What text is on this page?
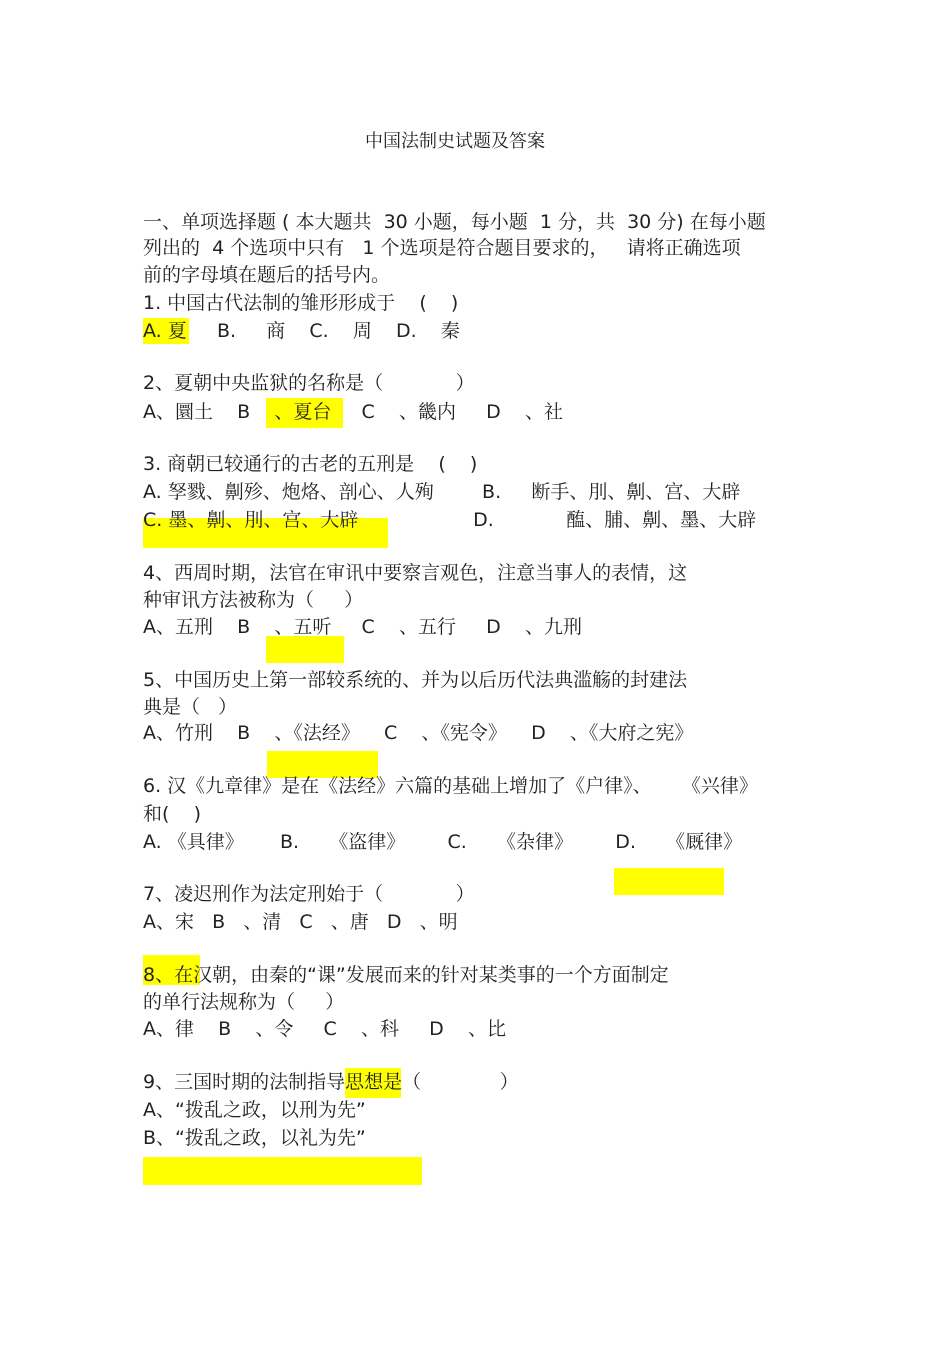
中国法制史试题及答案
一、单项选择题 ( 本大题共  30 小题，每小题  1 分，共  30 分) 在每小题
列出的  4 个选项中只有   1 个选项是符合题目要求的，   请将正确选项
前的字母填在题后的括号内。
1. 中国古代法制的雏形形成于    (    )
A. 夏     B.     商    C.    周    D.    秦
2、夏朝中央监狱的名称是（            ）
A、圜土    B    、夏台     C    、畿内     D    、社
3. 商朝已较通行的古老的五刑是    (    )
A. 孥戮、劓殄、炮烙、剖心、人殉        B.     断手、刖、劓、宫、大辟
C. 墨、劓、刖、宫、大辟                   D.            醢、脯、劓、墨、大辟
4、西周时期，法官在审讯中要察言观色，注意当事人的表情，这
种审讯方法被称为（     ）
A、五刑    B    、五听     C    、五行     D    、九刑
5、中国历史上第一部较系统的、并为以后历代法典滥觞的封建法
典是（   ）
A、竹刑    B    、《法经》    C    、《宪令》    D    、《大府之宪》
6. 汉《九章律》是在《法经》六篇的基础上增加了《户律》、     《兴律》
和(    )
A. 《具律》      B.     《盗律》       C.     《杂律》       D.     《厩律》
7、凌迟刑作为法定刑始于（            ）
A、宋   B   、清   C   、唐   D   、明
8、在汉朝，由秦的“课”发展而来的针对某类事的一个方面制定
的单行法规称为（     ）
A、律    B    、令     C    、科     D    、比
9、三国时期的法制指导思想是（             ）
A、“拨乱之政，以刑为先”
B、“拨乱之政，以礼为先”
